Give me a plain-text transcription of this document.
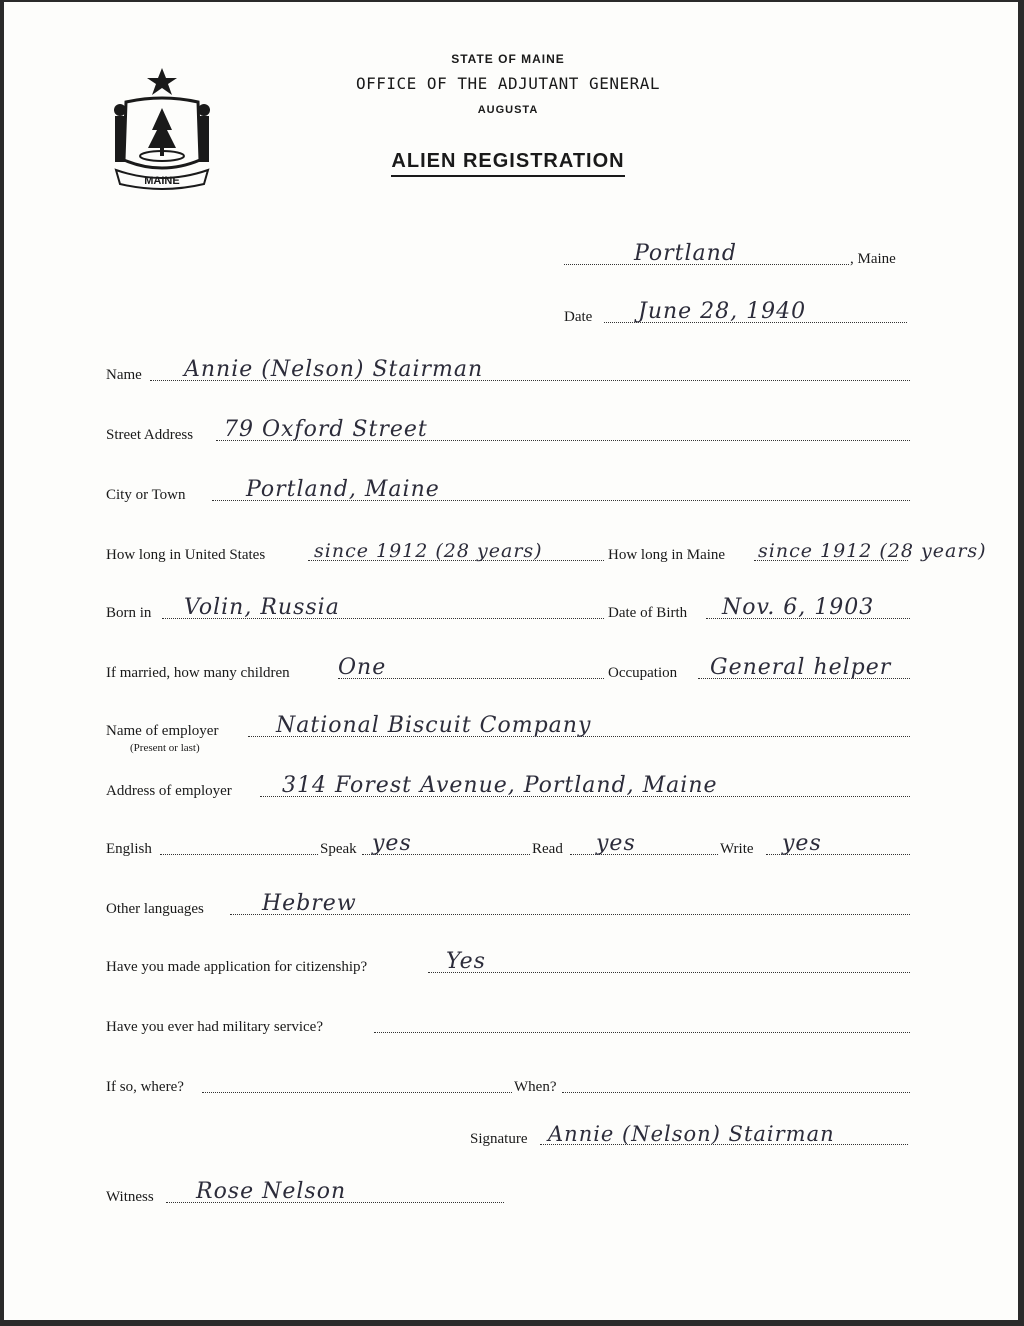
MAINE
STATE OF MAINE
OFFICE OF THE ADJUTANT GENERAL
AUGUSTA
ALIEN REGISTRATION
Portland	, Maine
Date June 28, 1940
Name Annie (Nelson) Stairman
Street Address 79 Oxford Street
City or Town	Portland, Maine
How long in United States	since 1912 (28 years)	How long in Maine since 1912 (28 years)
Born in Volin, Russia	Date of Birth Nov. 6, 1903
If married, how many children One	Occupation General helper
Name of employer	National Biscuit Company
(Present or last)
Address of employer 314 Forest Avenue, Portland, Maine
English	Speak yes	Read yes	Write yes
Other languages	Hebrew
Have you made application for citizenship?	Yes
Have you ever had military service?
If so, where?	When?
Signature Annie (Nelson) Stairman
Witness Rose Nelson
